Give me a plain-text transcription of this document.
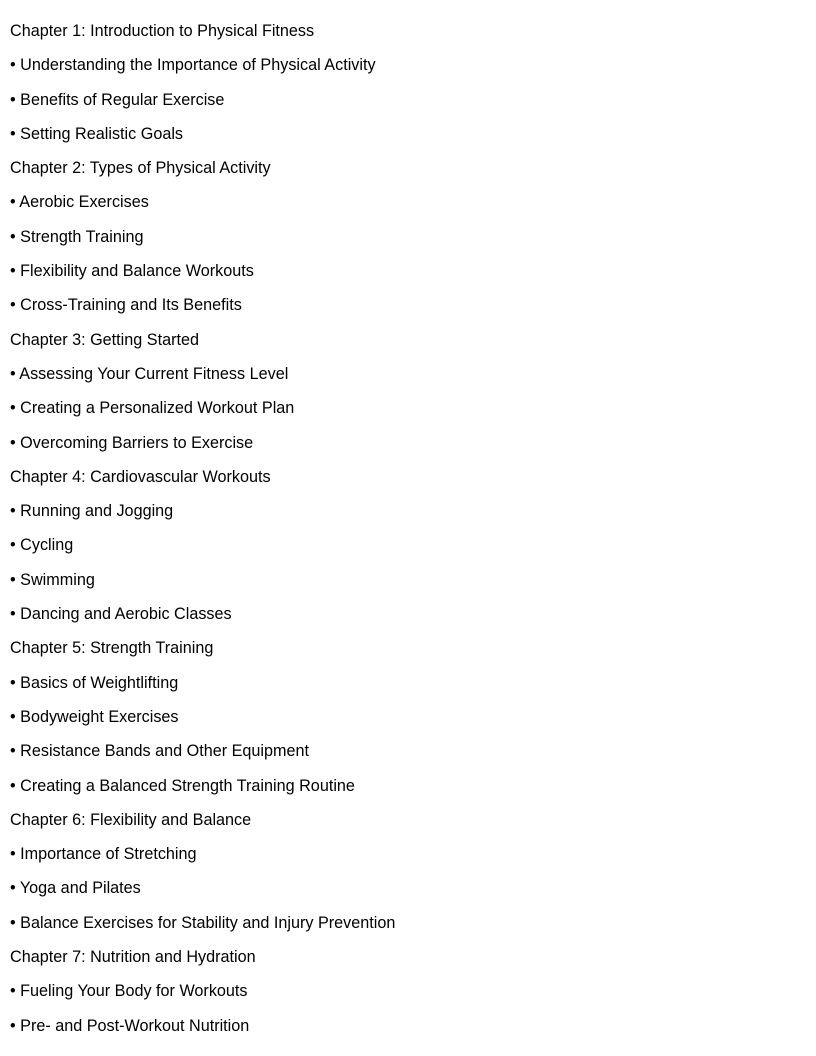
Chapter 1: Introduction to Physical Fitness
• Understanding the Importance of Physical Activity
• Benefits of Regular Exercise
• Setting Realistic Goals
Chapter 2: Types of Physical Activity
• Aerobic Exercises
• Strength Training
• Flexibility and Balance Workouts
• Cross-Training and Its Benefits
Chapter 3: Getting Started
• Assessing Your Current Fitness Level
• Creating a Personalized Workout Plan
• Overcoming Barriers to Exercise
Chapter 4: Cardiovascular Workouts
• Running and Jogging
• Cycling
• Swimming
• Dancing and Aerobic Classes
Chapter 5: Strength Training
• Basics of Weightlifting
• Bodyweight Exercises
• Resistance Bands and Other Equipment
• Creating a Balanced Strength Training Routine
Chapter 6: Flexibility and Balance
• Importance of Stretching
• Yoga and Pilates
• Balance Exercises for Stability and Injury Prevention
Chapter 7: Nutrition and Hydration
• Fueling Your Body for Workouts
• Pre- and Post-Workout Nutrition
